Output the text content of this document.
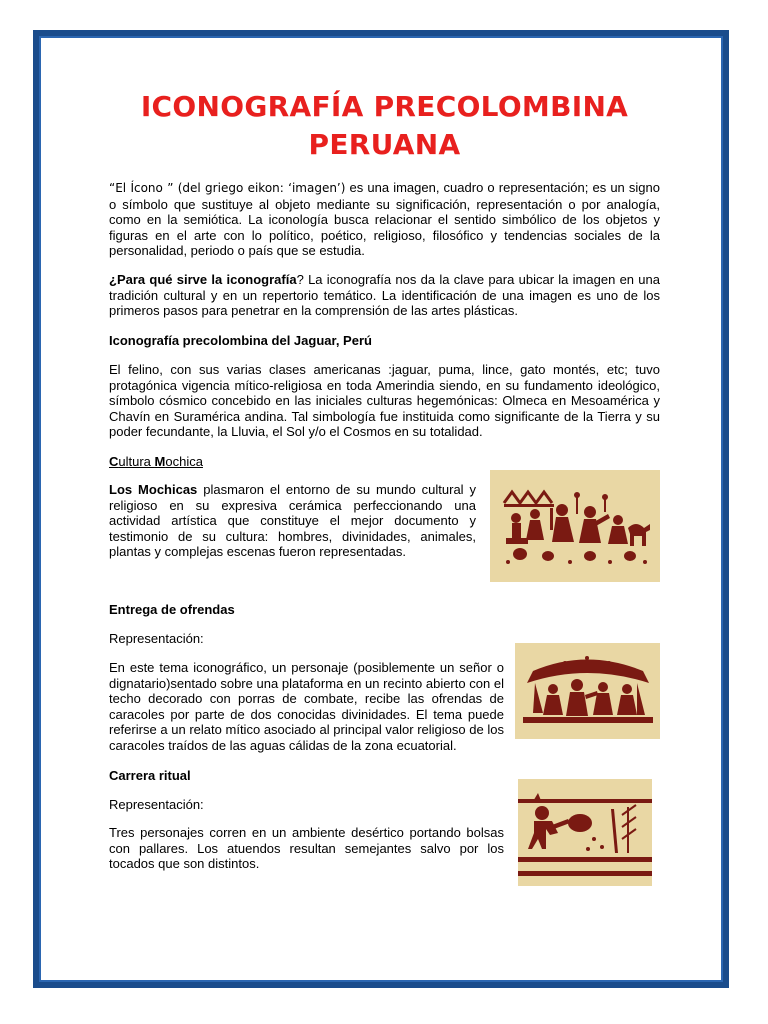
ICONOGRAFÍA PRECOLOMBINA
PERUANA

“El Ícono ” (del griego eikon: ‘imagen’) es una imagen, cuadro o representación; es un signo o símbolo que sustituye al objeto mediante su significación, representación o por analogía, como en la semiótica. La iconología busca relacionar el sentido simbólico de los objetos y figuras en el arte con lo político, poético, religioso, filosófico y tendencias sociales de la personalidad, periodo o país que se estudia.

¿Para qué sirve la iconografía? La iconografía nos da la clave para ubicar la imagen en una tradición cultural y en un repertorio temático. La identificación de una imagen es uno de los primeros pasos para penetrar en la comprensión de las artes plásticas.

Iconografía precolombina del Jaguar, Perú

El felino, con sus varias clases americanas :jaguar, puma, lince, gato montés, etc; tuvo protagónica vigencia mítico-religiosa en toda Amerindia siendo, en su fundamento ideológico, símbolo cósmico concebido en las iniciales culturas hegemónicas: Olmeca en Mesoamérica y Chavín en Suramérica andina. Tal simbología fue instituida como significante de la Tierra y su poder fecundante, la Lluvia, el Sol y/o el Cosmos en su totalidad.

Cultura Mochica

Los Mochicas plasmaron el entorno de su mundo cultural y religioso en su expresiva cerámica perfeccionando una actividad artística que constituye el mejor documento y testimonio de su cultura: hombres, divinidades, animales, plantas y complejas escenas fueron representadas.

Entrega de ofrendas

Representación:

En este tema iconográfico, un personaje (posiblemente un señor o dignatario)sentado sobre una plataforma en un recinto abierto con el techo decorado con porras de combate, recibe las ofrendas de caracoles por parte de dos conocidas divinidades. El tema puede referirse a un relato mítico asociado al principal valor religioso de los caracoles traídos de las aguas cálidas de la zona ecuatorial.

Carrera ritual

Representación:

Tres personajes corren en un ambiente desértico portando bolsas con pallares. Los atuendos resultan semejantes salvo por los tocados que son distintos.
